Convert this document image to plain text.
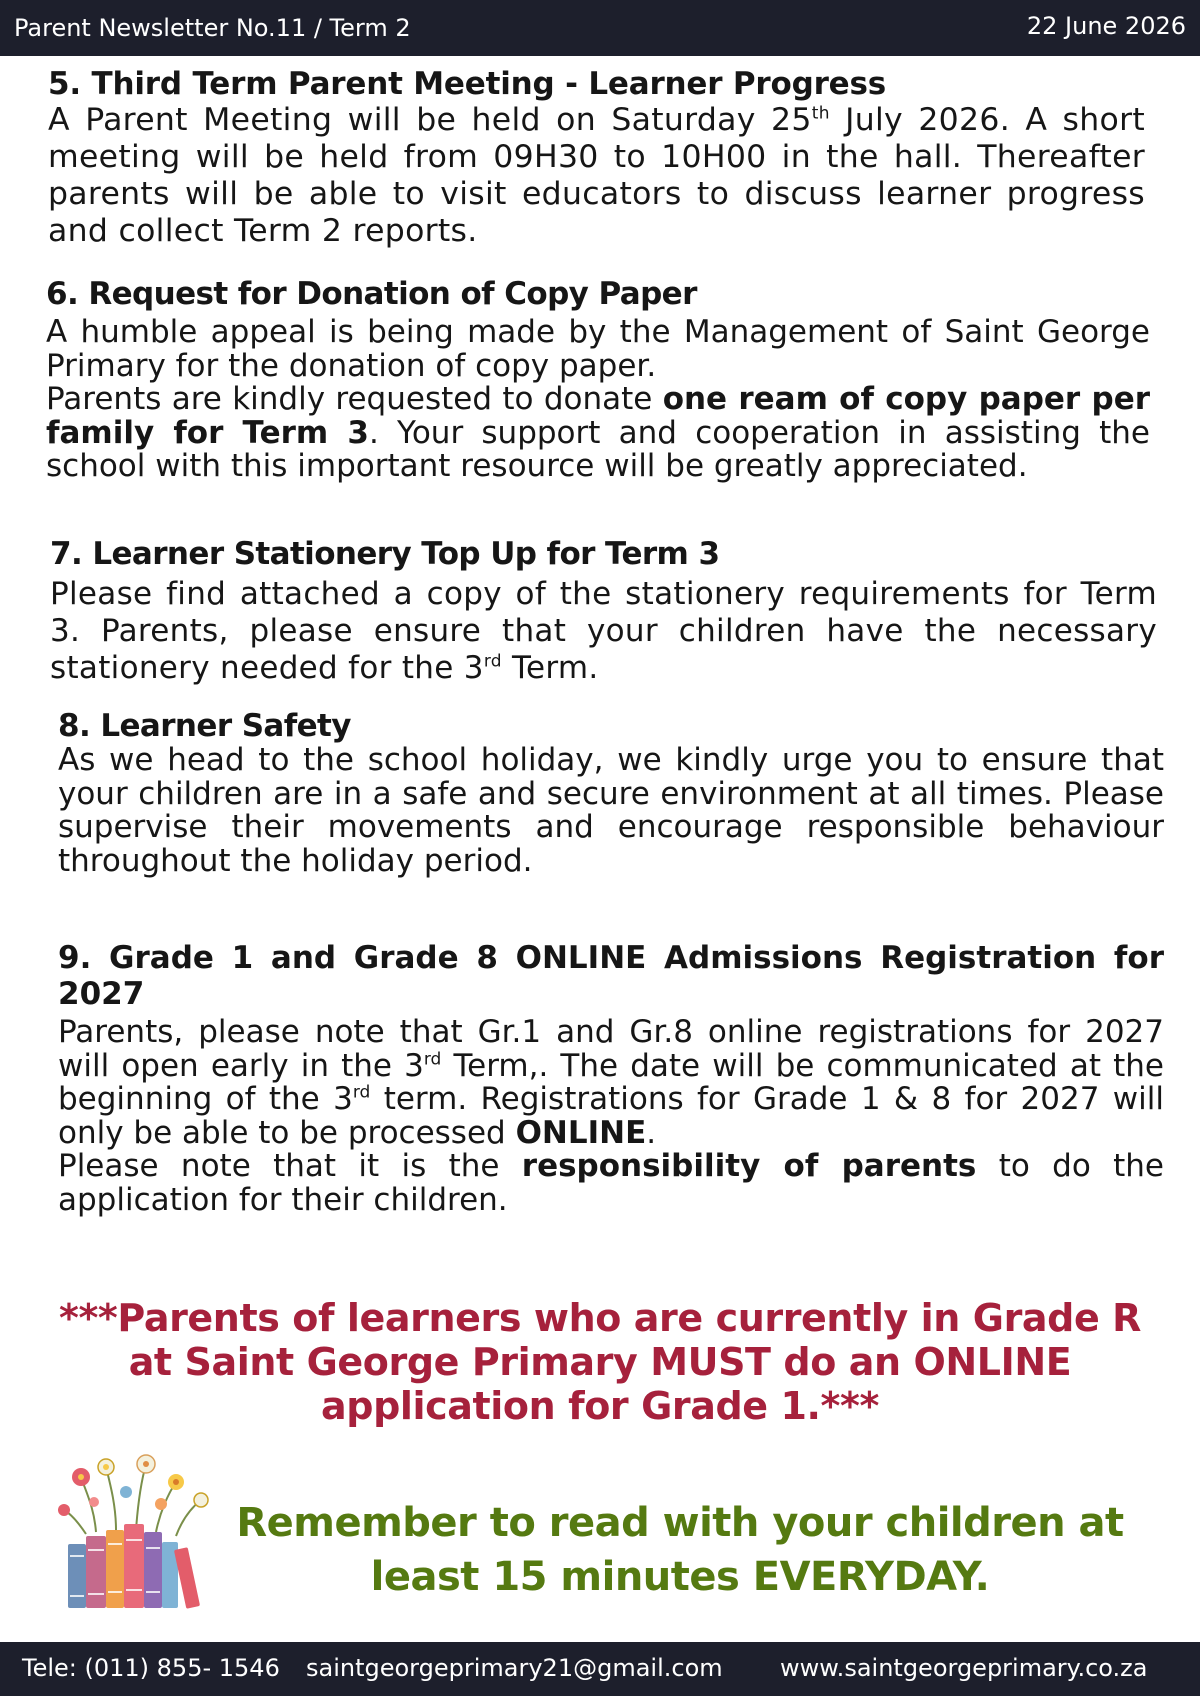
Parent Newsletter No.11 / Term 2	22 June 2026
5. Third Term Parent Meeting - Learner Progress

A Parent Meeting will be held on Saturday 25th July 2026. A short meeting will be held from 09H30 to 10H00 in the hall. Thereafter parents will be able to visit educators to discuss learner progress and collect Term 2 reports.

6. Request for Donation of Copy Paper

A humble appeal is being made by the Management of Saint George Primary for the donation of copy paper.

Parents are kindly requested to donate one ream of copy paper per family for Term 3. Your support and cooperation in assisting the school with this important resource will be greatly appreciated.

7. Learner Stationery Top Up for Term 3

Please find attached a copy of the stationery requirements for Term 3. Parents, please ensure that your children have the necessary stationery needed for the 3rd Term.

8. Learner Safety

As we head to the school holiday, we kindly urge you to ensure that your children are in a safe and secure environment at all times. Please supervise their movements and encourage responsible behaviour throughout the holiday period.

9. Grade 1 and Grade 8 ONLINE Admissions Registration for 2027

Parents, please note that Gr.1 and Gr.8 online registrations for 2027 will open early in the 3rd Term,. The date will be communicated at the beginning of the 3rd term. Registrations for Grade 1 & 8 for 2027 will only be able to be processed ONLINE.

Please note that it is the responsibility of parents to do the application for their children.

***Parents of learners who are currently in Grade R at Saint George Primary MUST do an ONLINE application for Grade 1.***
Remember to read with your children at least 15 minutes EVERYDAY.
Tele: (011) 855- 1546 saintgeorgeprimary21@gmail.com www.saintgeorgeprimary.co.za
